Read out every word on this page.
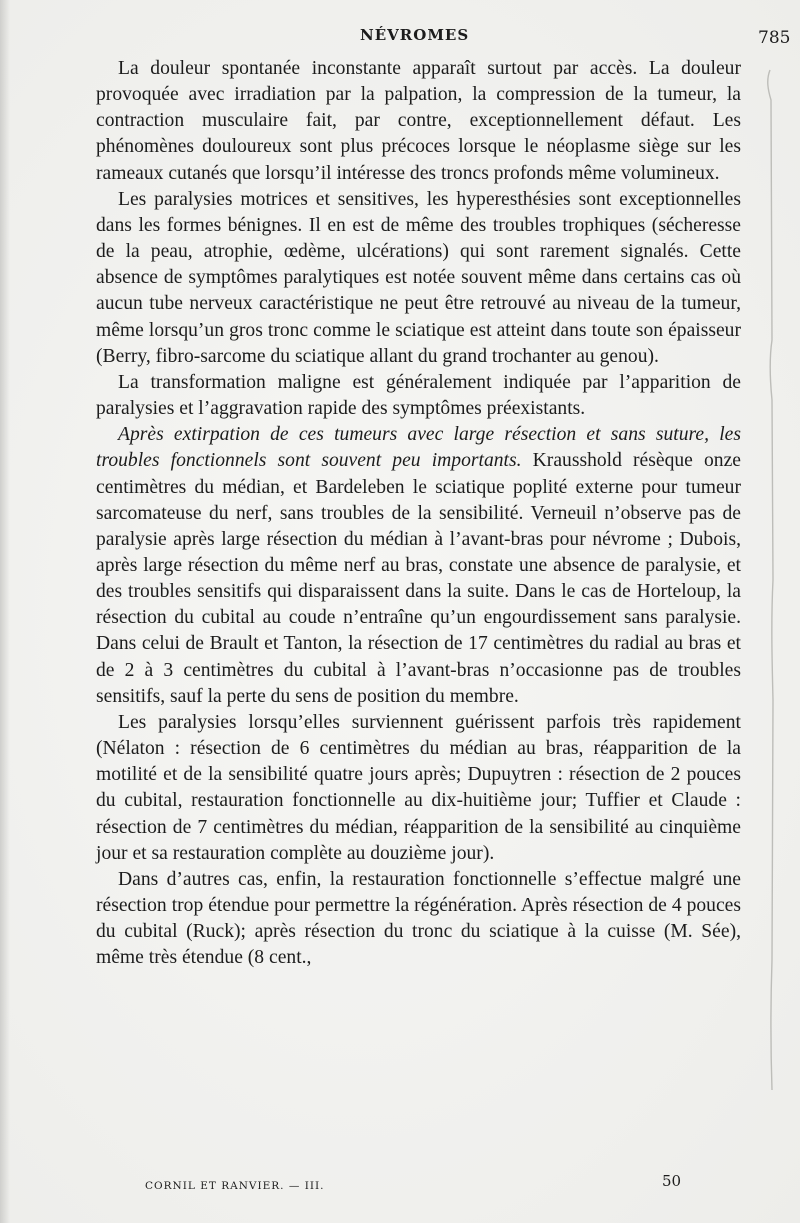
NÉVROMES	785

La douleur spontanée inconstante apparaît surtout par accès. La douleur provoquée avec irradiation par la palpation, la compression de la tumeur, la contraction musculaire fait, par contre, exceptionnellement défaut. Les phénomènes douloureux sont plus précoces lorsque le néoplasme siège sur les rameaux cutanés que lorsqu’il intéresse des troncs profonds même volumineux.

Les paralysies motrices et sensitives, les hyperesthésies sont exceptionnelles dans les formes bénignes. Il en est de même des troubles trophiques (sécheresse de la peau, atrophie, œdème, ulcérations) qui sont rarement signalés. Cette absence de symptômes paralytiques est notée souvent même dans certains cas où aucun tube nerveux caractéristique ne peut être retrouvé au niveau de la tumeur, même lorsqu’un gros tronc comme le sciatique est atteint dans toute son épaisseur (Berry, fibro-sarcome du sciatique allant du grand trochanter au genou).

La transformation maligne est généralement indiquée par l’apparition de paralysies et l’aggravation rapide des symptômes préexistants.

Après extirpation de ces tumeurs avec large résection et sans suture, les troubles fonctionnels sont souvent peu importants. Krausshold résèque onze centimètres du médian, et Bardeleben le sciatique poplité externe pour tumeur sarcomateuse du nerf, sans troubles de la sensibilité. Verneuil n’observe pas de paralysie après large résection du médian à l’avant-bras pour névrome ; Dubois, après large résection du même nerf au bras, constate une absence de paralysie, et des troubles sensitifs qui disparaissent dans la suite. Dans le cas de Horteloup, la résection du cubital au coude n’entraîne qu’un engourdissement sans paralysie. Dans celui de Brault et Tanton, la résection de 17 centimètres du radial au bras et de 2 à 3 centimètres du cubital à l’avant-bras n’occasionne pas de troubles sensitifs, sauf la perte du sens de position du membre.

Les paralysies lorsqu’elles surviennent guérissent parfois très rapidement (Nélaton : résection de 6 centimètres du médian au bras, réapparition de la motilité et de la sensibilité quatre jours après; Dupuytren : résection de 2 pouces du cubital, restauration fonctionnelle au dix-huitième jour; Tuffier et Claude : résection de 7 centimètres du médian, réapparition de la sensibilité au cinquième jour et sa restauration complète au douzième jour).

Dans d’autres cas, enfin, la restauration fonctionnelle s’effectue malgré une résection trop étendue pour permettre la régénération. Après résection de 4 pouces du cubital (Ruck); après résection du tronc du sciatique à la cuisse (M. Sée), même très étendue (8 cent.,

CORNIL ET RANVIER. — III.	50
